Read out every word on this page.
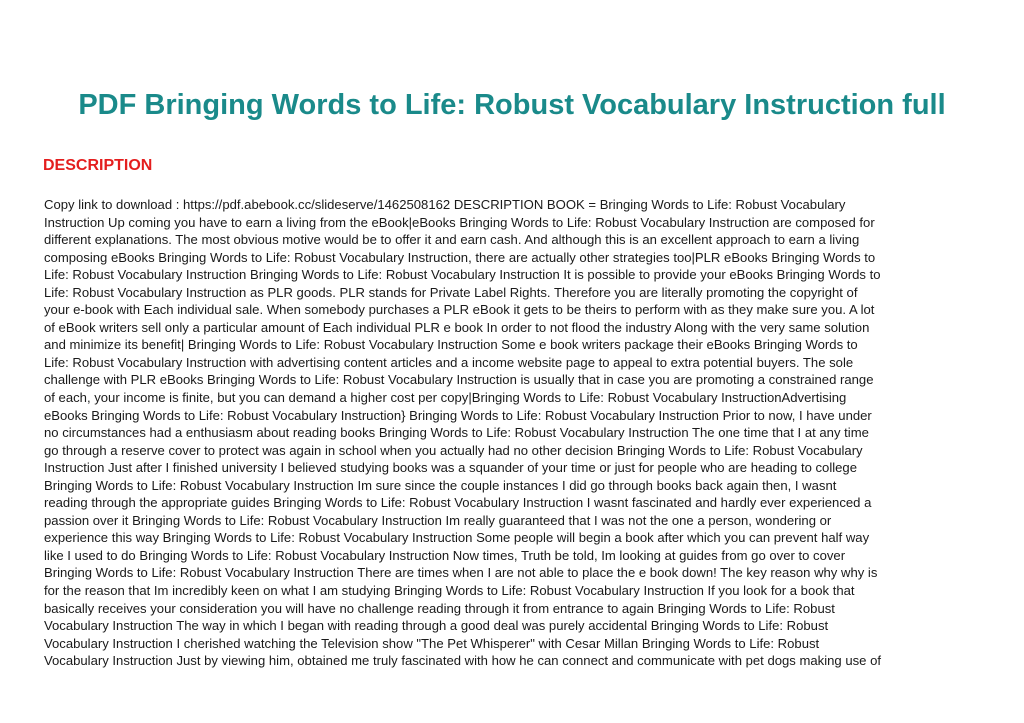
PDF Bringing Words to Life: Robust Vocabulary Instruction full
DESCRIPTION
Copy link to download : https://pdf.abebook.cc/slideserve/1462508162 DESCRIPTION BOOK = Bringing Words to Life: Robust Vocabulary
Instruction Up coming you have to earn a living from the eBook|eBooks Bringing Words to Life: Robust Vocabulary Instruction are composed for
different explanations. The most obvious motive would be to offer it and earn cash. And although this is an excellent approach to earn a living
composing eBooks Bringing Words to Life: Robust Vocabulary Instruction, there are actually other strategies too|PLR eBooks Bringing Words to
Life: Robust Vocabulary Instruction Bringing Words to Life: Robust Vocabulary Instruction It is possible to provide your eBooks Bringing Words to
Life: Robust Vocabulary Instruction as PLR goods. PLR stands for Private Label Rights. Therefore you are literally promoting the copyright of
your e-book with Each individual sale. When somebody purchases a PLR eBook it gets to be theirs to perform with as they make sure you. A lot
of eBook writers sell only a particular amount of Each individual PLR e book In order to not flood the industry Along with the very same solution
and minimize its benefit| Bringing Words to Life: Robust Vocabulary Instruction Some e book writers package their eBooks Bringing Words to
Life: Robust Vocabulary Instruction with advertising content articles and a income website page to appeal to extra potential buyers. The sole
challenge with PLR eBooks Bringing Words to Life: Robust Vocabulary Instruction is usually that in case you are promoting a constrained range
of each, your income is finite, but you can demand a higher cost per copy|Bringing Words to Life: Robust Vocabulary InstructionAdvertising
eBooks Bringing Words to Life: Robust Vocabulary Instruction} Bringing Words to Life: Robust Vocabulary Instruction Prior to now, I have under
no circumstances had a enthusiasm about reading books Bringing Words to Life: Robust Vocabulary Instruction The one time that I at any time
go through a reserve cover to protect was again in school when you actually had no other decision Bringing Words to Life: Robust Vocabulary
Instruction Just after I finished university I believed studying books was a squander of your time or just for people who are heading to college
Bringing Words to Life: Robust Vocabulary Instruction Im sure since the couple instances I did go through books back again then, I wasnt
reading through the appropriate guides Bringing Words to Life: Robust Vocabulary Instruction I wasnt fascinated and hardly ever experienced a
passion over it Bringing Words to Life: Robust Vocabulary Instruction Im really guaranteed that I was not the one a person, wondering or
experience this way Bringing Words to Life: Robust Vocabulary Instruction Some people will begin a book after which you can prevent half way
like I used to do Bringing Words to Life: Robust Vocabulary Instruction Now times, Truth be told, Im looking at guides from go over to cover
Bringing Words to Life: Robust Vocabulary Instruction There are times when I are not able to place the e book down! The key reason why why is
for the reason that Im incredibly keen on what I am studying Bringing Words to Life: Robust Vocabulary Instruction If you look for a book that
basically receives your consideration you will have no challenge reading through it from entrance to again Bringing Words to Life: Robust
Vocabulary Instruction The way in which I began with reading through a good deal was purely accidental Bringing Words to Life: Robust
Vocabulary Instruction I cherished watching the Television show "The Pet Whisperer" with Cesar Millan Bringing Words to Life: Robust
Vocabulary Instruction Just by viewing him, obtained me truly fascinated with how he can connect and communicate with pet dogs making use of
